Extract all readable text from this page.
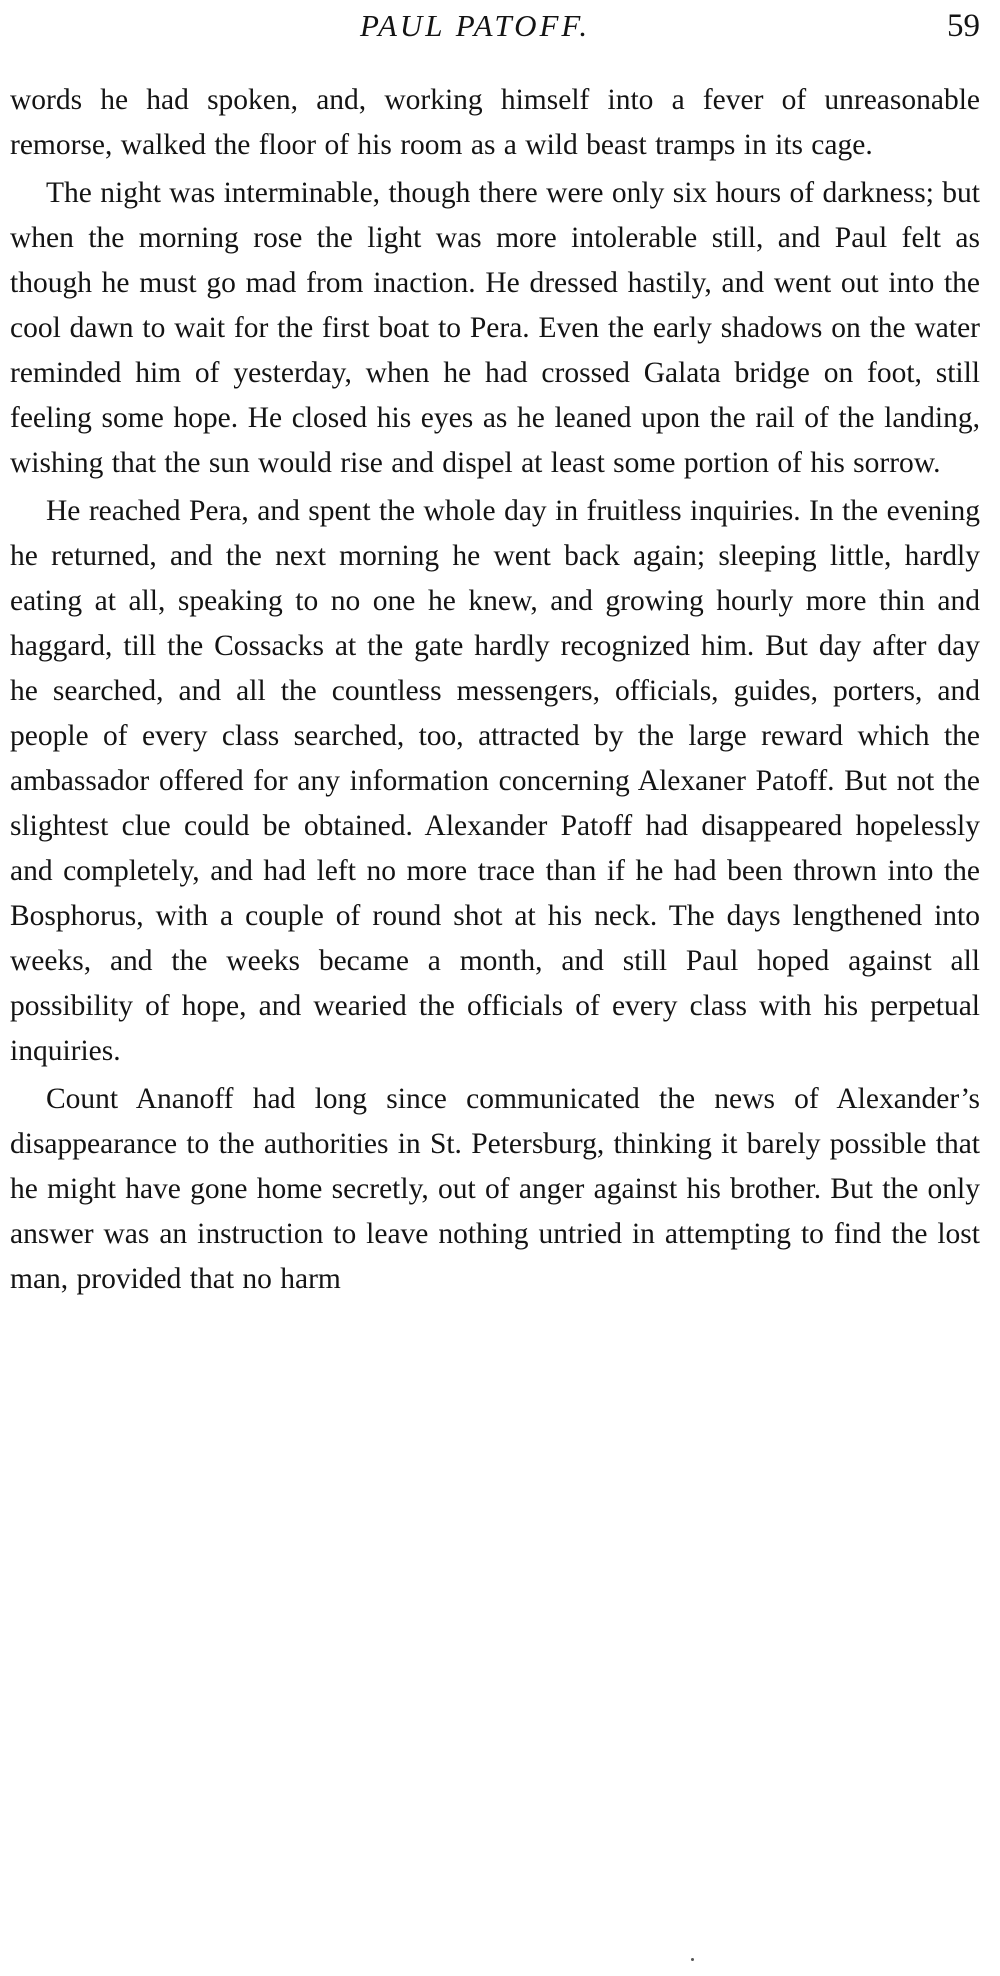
PAUL PATOFF.	59

words he had spoken, and, working himself into a fever of unreasonable remorse, walked the floor of his room as a wild beast tramps in its cage.

The night was interminable, though there were only six hours of darkness; but when the morning rose the light was more intolerable still, and Paul felt as though he must go mad from inaction. He dressed hastily, and went out into the cool dawn to wait for the first boat to Pera. Even the early shadows on the water reminded him of yesterday, when he had crossed Galata bridge on foot, still feeling some hope. He closed his eyes as he leaned upon the rail of the landing, wishing that the sun would rise and dispel at least some portion of his sorrow.

He reached Pera, and spent the whole day in fruitless inquiries. In the evening he returned, and the next morning he went back again; sleeping little, hardly eating at all, speaking to no one he knew, and growing hourly more thin and haggard, till the Cossacks at the gate hardly recognized him. But day after day he searched, and all the countless messengers, officials, guides, porters, and people of every class searched, too, attracted by the large reward which the ambassador offered for any information concerning Alexaner Patoff. But not the slightest clue could be obtained. Alexander Patoff had disappeared hopelessly and completely, and had left no more trace than if he had been thrown into the Bosphorus, with a couple of round shot at his neck. The days lengthened into weeks, and the weeks became a month, and still Paul hoped against all possibility of hope, and wearied the officials of every class with his perpetual inquiries.

Count Ananoff had long since communicated the news of Alexander’s disappearance to the authorities in St. Petersburg, thinking it barely possible that he might have gone home secretly, out of anger against his brother. But the only answer was an instruction to leave nothing untried in attempting to find the lost man, provided that no harm
